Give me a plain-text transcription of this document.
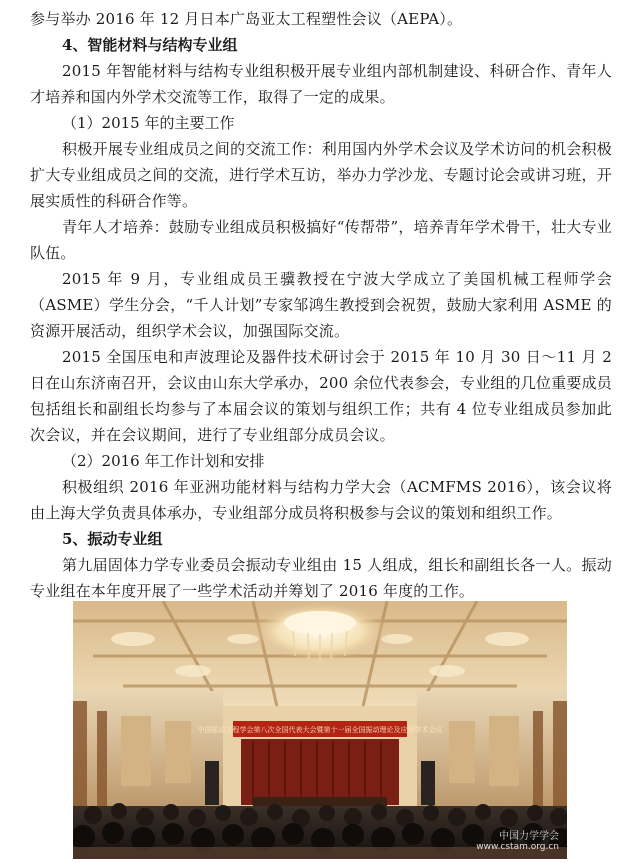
参与举办 2016 年 12 月日本广岛亚太工程塑性会议（AEPA）。

4、智能材料与结构专业组

2015 年智能材料与结构专业组积极开展专业组内部机制建设、科研合作、青年人才培养和国内外学术交流等工作，取得了一定的成果。

（1）2015 年的主要工作

积极开展专业组成员之间的交流工作：利用国内外学术会议及学术访问的机会积极扩大专业组成员之间的交流，进行学术互访，举办力学沙龙、专题讨论会或讲习班，开展实质性的科研合作等。

青年人才培养：鼓励专业组成员积极搞好“传帮带”，培养青年学术骨干，壮大专业队伍。

2015 年 9 月，专业组成员王骥教授在宁波大学成立了美国机械工程师学会（ASME）学生分会，“千人计划”专家邹鸿生教授到会祝贺，鼓励大家利用 ASME 的资源开展活动，组织学术会议，加强国际交流。

2015 全国压电和声波理论及器件技术研讨会于 2015 年 10 月 30 日～11 月 2 日在山东济南召开，会议由山东大学承办，200 余位代表参会，专业组的几位重要成员包括组长和副组长均参与了本届会议的策划与组织工作；共有 4 位专业组成员参加此次会议，并在会议期间，进行了专业组部分成员会议。

（2）2016 年工作计划和安排

积极组织 2016 年亚洲功能材料与结构力学大会（ACMFMS 2016），该会议将由上海大学负责具体承办，专业组部分成员将积极参与会议的策划和组织工作。

5、振动专业组

第九届固体力学专业委员会振动专业组由 15 人组成，组长和副组长各一人。振动专业组在本年度开展了一些学术活动并筹划了 2016 年度的工作。

中国振动工程学会第八次全国代表大会暨第十一届全国振动理论及应用学术会议
中国力学学会
www.cstam.org.cn
